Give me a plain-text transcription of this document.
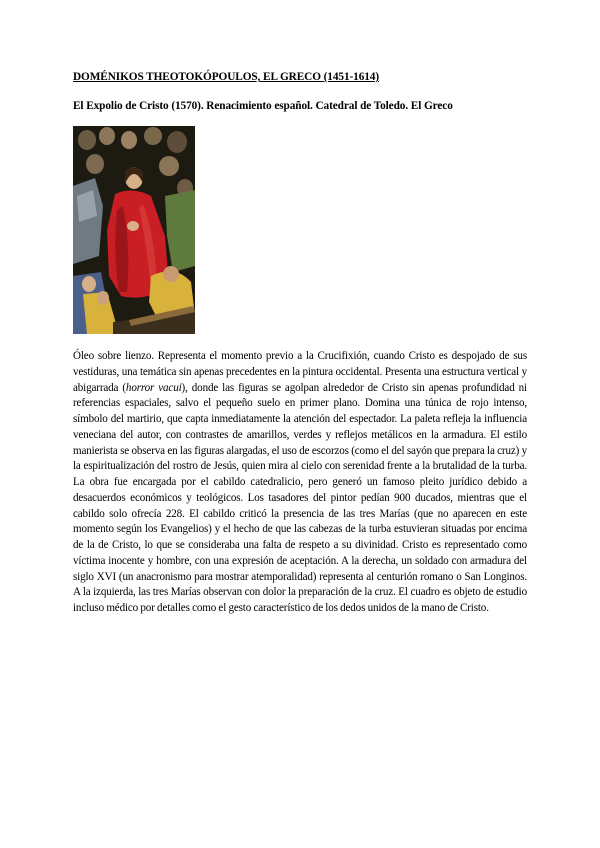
DOMÉNIKOS THEOTOKÓPOULOS, EL GRECO (1451-1614)

El Expolio de Cristo (1570). Renacimiento español. Catedral de Toledo. El Greco

Óleo sobre lienzo. Representa el momento previo a la Crucifixión, cuando Cristo es despojado de sus vestiduras, una temática sin apenas precedentes en la pintura occidental. Presenta una estructura vertical y abigarrada (horror vacui), donde las figuras se agolpan alrededor de Cristo sin apenas profundidad ni referencias espaciales, salvo el pequeño suelo en primer plano. Domina una túnica de rojo intenso, símbolo del martirio, que capta inmediatamente la atención del espectador. La paleta refleja la influencia veneciana del autor, con contrastes de amarillos, verdes y reflejos metálicos en la armadura. El estilo manierista se observa en las figuras alargadas, el uso de escorzos (como el del sayón que prepara la cruz) y la espiritualización del rostro de Jesús, quien mira al cielo con serenidad frente a la brutalidad de la turba. La obra fue encargada por el cabildo catedralicio, pero generó un famoso pleito jurídico debido a desacuerdos económicos y teológicos. Los tasadores del pintor pedían 900 ducados, mientras que el cabildo solo ofrecía 228. El cabildo criticó la presencia de las tres Marías (que no aparecen en este momento según los Evangelios) y el hecho de que las cabezas de la turba estuvieran situadas por encima de la de Cristo, lo que se consideraba una falta de respeto a su divinidad. Cristo es representado como víctima inocente y hombre, con una expresión de aceptación. A la derecha, un soldado con armadura del siglo XVI (un anacronismo para mostrar atemporalidad) representa al centurión romano o San Longinos. A la izquierda, las tres Marías observan con dolor la preparación de la cruz. El cuadro es objeto de estudio incluso médico por detalles como el gesto característico de los dedos unidos de la mano de Cristo.
